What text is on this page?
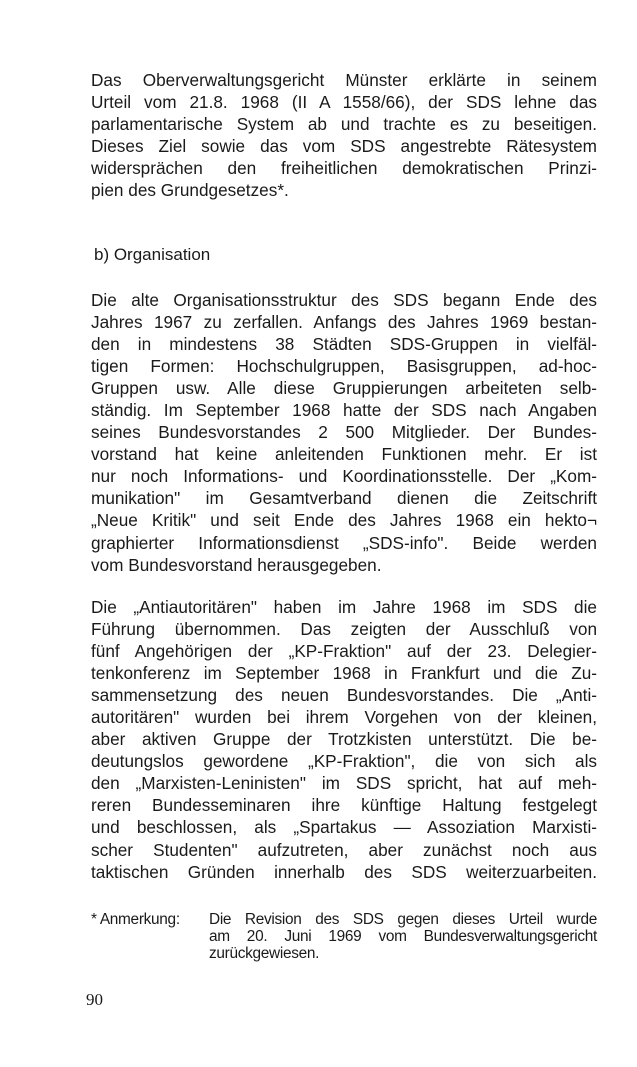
Das Oberverwaltungsgericht Münster erklärte in seinem
Urteil vom 21.8. 1968 (II A 1558/66), der SDS lehne das
parlamentarische System ab und trachte es zu beseitigen.
Dieses Ziel sowie das vom SDS angestrebte Rätesystem
widersprächen den freiheitlichen demokratischen Prinzi-
pien des Grundgesetzes*.
b) Organisation
Die alte Organisationsstruktur des SDS begann Ende des
Jahres 1967 zu zerfallen. Anfangs des Jahres 1969 bestan-
den in mindestens 38 Städten SDS-Gruppen in vielfäl-
tigen Formen: Hochschulgruppen, Basisgruppen, ad-hoc-
Gruppen usw. Alle diese Gruppierungen arbeiteten selb-
ständig. Im September 1968 hatte der SDS nach Angaben
seines Bundesvorstandes 2 500 Mitglieder. Der Bundes-
vorstand hat keine anleitenden Funktionen mehr. Er ist
nur noch Informations- und Koordinationsstelle. Der „Kom-
munikation" im Gesamtverband dienen die Zeitschrift
„Neue Kritik" und seit Ende des Jahres 1968 ein hekto¬
graphierter Informationsdienst „SDS-info". Beide werden
vom Bundesvorstand herausgegeben.
Die „Antiautoritären" haben im Jahre 1968 im SDS die
Führung übernommen. Das zeigten der Ausschluß von
fünf Angehörigen der „KP-Fraktion" auf der 23. Delegier-
tenkonferenz im September 1968 in Frankfurt und die Zu-
sammensetzung des neuen Bundesvorstandes. Die „Anti-
autoritären" wurden bei ihrem Vorgehen von der kleinen,
aber aktiven Gruppe der Trotzkisten unterstützt. Die be-
deutungslos gewordene „KP-Fraktion", die von sich als
den „Marxisten-Leninisten" im SDS spricht, hat auf meh-
reren Bundesseminaren ihre künftige Haltung festgelegt
und beschlossen, als „Spartakus — Assoziation Marxisti-
scher Studenten" aufzutreten, aber zunächst noch aus
taktischen Gründen innerhalb des SDS weiterzuarbeiten.
* Anmerkung: Die Revision des SDS gegen dieses Urteil wurde
am 20. Juni 1969 vom Bundesverwaltungsgericht
zurückgewiesen.
90
